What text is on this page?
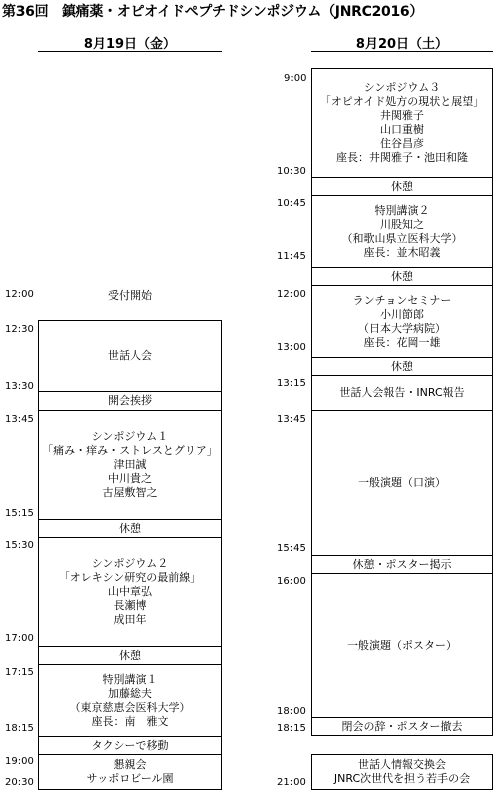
第36回　鎮痛薬・オピオイドペプチドシンポジウム（JNRC2016）
8月19日（金）	8月20日（土）
12:00
12:30
13:30
13:45
15:15
15:30
17:00
17:15
18:15
19:00
20:30
受付開始
世話人会
開会挨拶
シンポジウム１
「痛み・痒み・ストレスとグリア」
津田誠
中川貴之
古屋敷智之
休憩
シンポジウム２
「オレキシン研究の最前線」
山中章弘
長瀬博
成田年
休憩
特別講演１
加藤総夫
（東京慈恵会医科大学）
座長：南　雅文
タクシーで移動
懇親会
サッポロビール園
9:00
10:30
10:45
11:45
12:00
13:00
13:15
13:45
15:45
16:00
18:00
18:15
21:00
シンポジウム３
「オピオイド処方の現状と展望」
井関雅子
山口重樹
住谷昌彦
座長：井関雅子・池田和隆
休憩
特別講演２
川股知之
（和歌山県立医科大学）
座長：並木昭義
休憩
ランチョンセミナー
小川節郎
（日本大学病院）
座長：花岡一雄
休憩
世話人会報告・INRC報告
一般演題（口演）
休憩・ポスター掲示
一般演題（ポスター）
閉会の辞・ポスター撤去
世話人情報交換会
JNRC次世代を担う若手の会
